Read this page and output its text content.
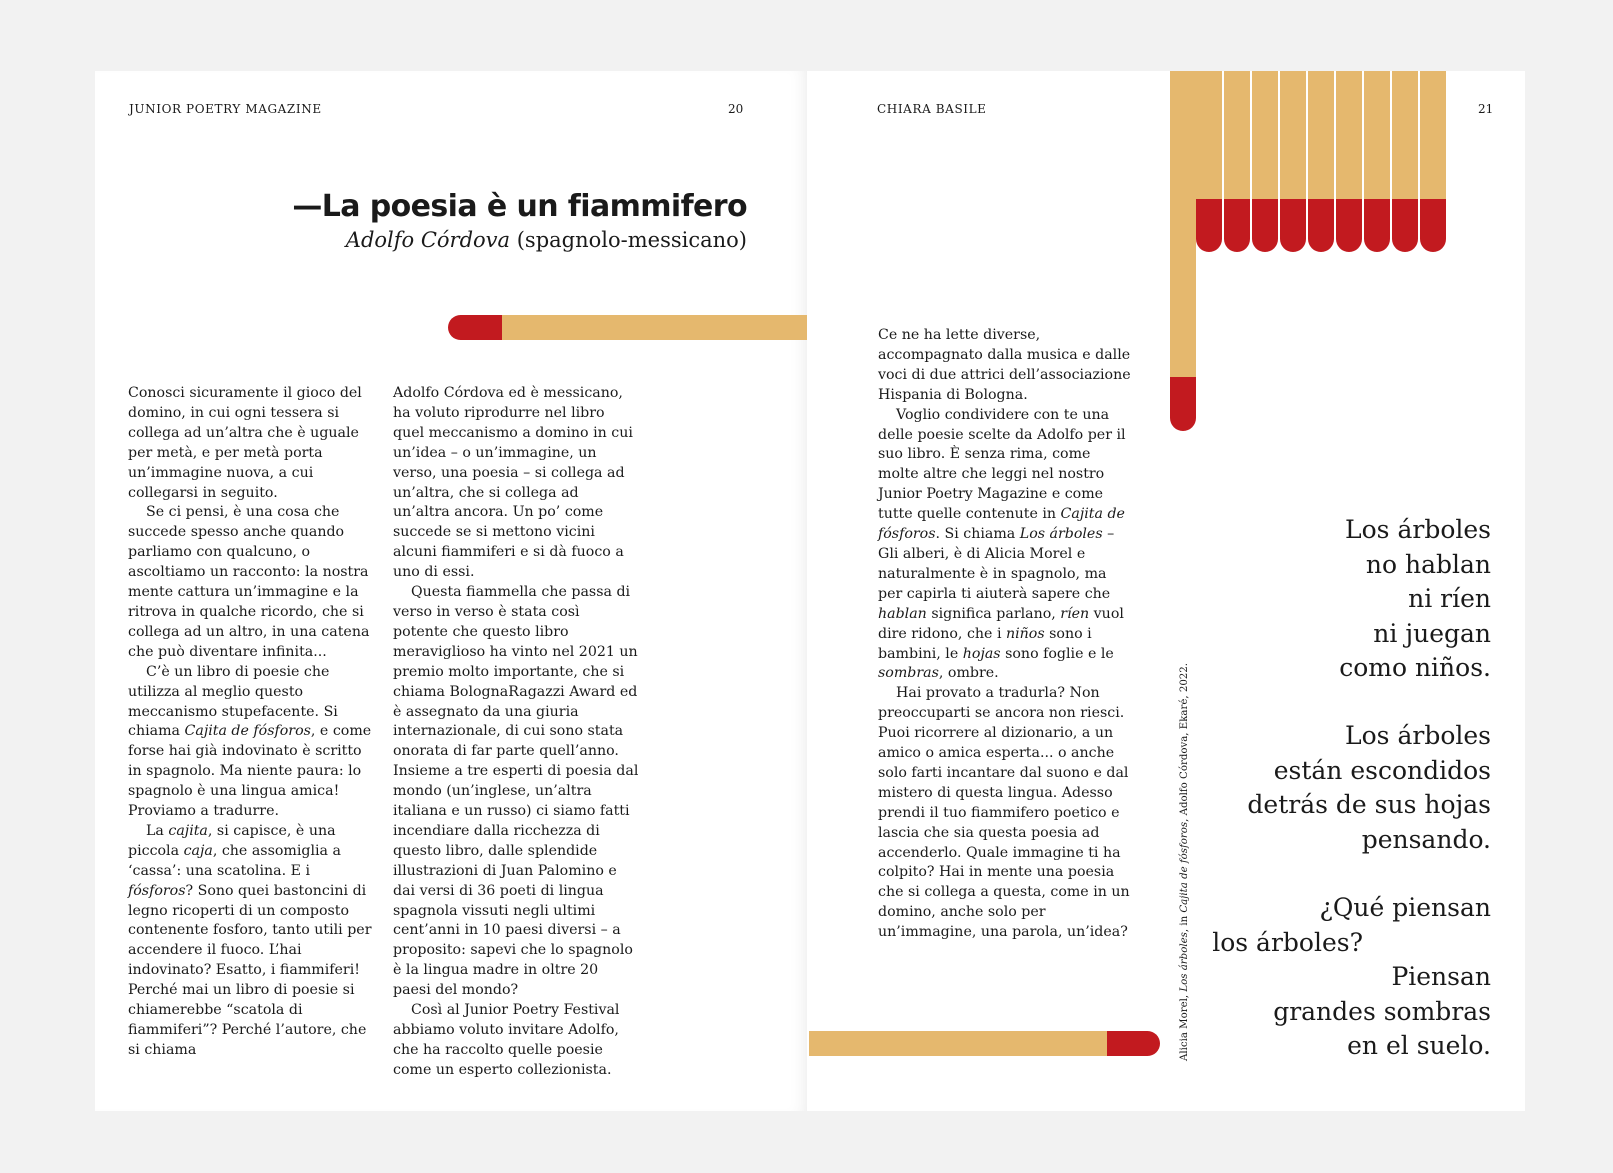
JUNIOR POETRY MAGAZINE	20
—La poesia è un fiammifero
Adolfo Córdova (spagnolo-messicano)

Conosci sicuramente il gioco del domino, in cui ogni tessera si collega ad un’altra che è uguale per metà, e per metà porta un’immagine nuova, a cui collegarsi in seguito.

Se ci pensi, è una cosa che succede spesso anche quando parliamo con qualcuno, o ascoltiamo un racconto: la nostra mente cattura un’immagine e la ritrova in qualche ricordo, che si collega ad un altro, in una catena che può diventare infinita...

C’è un libro di poesie che utilizza al meglio questo meccanismo stupefacente. Si chiama Cajita de fósforos, e come forse hai già indovinato è scritto in spagnolo. Ma niente paura: lo spagnolo è una lingua amica! Proviamo a tradurre.

La cajita, si capisce, è una piccola caja, che assomiglia a ‘cassa’: una scatolina. E i fósforos? Sono quei bastoncini di legno ricoperti di un composto contenente fosforo, tanto utili per accendere il fuoco. L’hai indovinato? Esatto, i fiammiferi! Perché mai un libro di poesie si chiamerebbe “scatola di fiammiferi”? Perché l’autore, che si chiama

Adolfo Córdova ed è messicano, ha voluto riprodurre nel libro quel meccanismo a domino in cui un’idea – o un’immagine, un verso, una poesia – si collega ad un’altra, che si collega ad un’altra ancora. Un po’ come succede se si mettono vicini alcuni fiammiferi e si dà fuoco a uno di essi.

Questa fiammella che passa di verso in verso è stata così potente che questo libro meraviglioso ha vinto nel 2021 un premio molto importante, che si chiama BolognaRagazzi Award ed è assegnato da una giuria internazionale, di cui sono stata onorata di far parte quell’anno. Insieme a tre esperti di poesia dal mondo (un’inglese, un’altra italiana e un russo) ci siamo fatti incendiare dalla ricchezza di questo libro, dalle splendide illustrazioni di Juan Palomino e dai versi di 36 poeti di lingua spagnola vissuti negli ultimi cent’anni in 10 paesi diversi – a proposito: sapevi che lo spagnolo è la lingua madre in oltre 20 paesi del mondo?

Così al Junior Poetry Festival abbiamo voluto invitare Adolfo, che ha raccolto quelle poesie come un esperto collezionista.

CHIARA BASILE	21

Ce ne ha lette diverse, accompagnato dalla musica e dalle voci di due attrici dell’associazione Hispania di Bologna.

Voglio condividere con te una delle poesie scelte da Adolfo per il suo libro. È senza rima, come molte altre che leggi nel nostro Junior Poetry Magazine e come tutte quelle contenute in Cajita de fósforos. Si chiama Los árboles – Gli alberi, è di Alicia Morel e naturalmente è in spagnolo, ma per capirla ti aiuterà sapere che hablan significa parlano, ríen vuol dire ridono, che i niños sono i bambini, le hojas sono foglie e le sombras, ombre.

Hai provato a tradurla? Non preoccuparti se ancora non riesci. Puoi ricorrere al dizionario, a un amico o amica esperta... o anche solo farti incantare dal suono e dal mistero di questa lingua. Adesso prendi il tuo fiammifero poetico e lascia che sia questa poesia ad accenderlo. Quale immagine ti ha colpito? Hai in mente una poesia che si collega a questa, come in un domino, anche solo per un’immagine, una parola, un’idea?

Alicia Morel, Los árboles, in Cajita de fósforos, Adolfo Córdova, Ekaré, 2022.
Los árboles
no hablan
ni ríen
ni juegan
como niños.
Los árboles
están escondidos
detrás de sus hojas
pensando.
¿Qué piensan
los árboles?
Piensan
grandes sombras
en el suelo.
